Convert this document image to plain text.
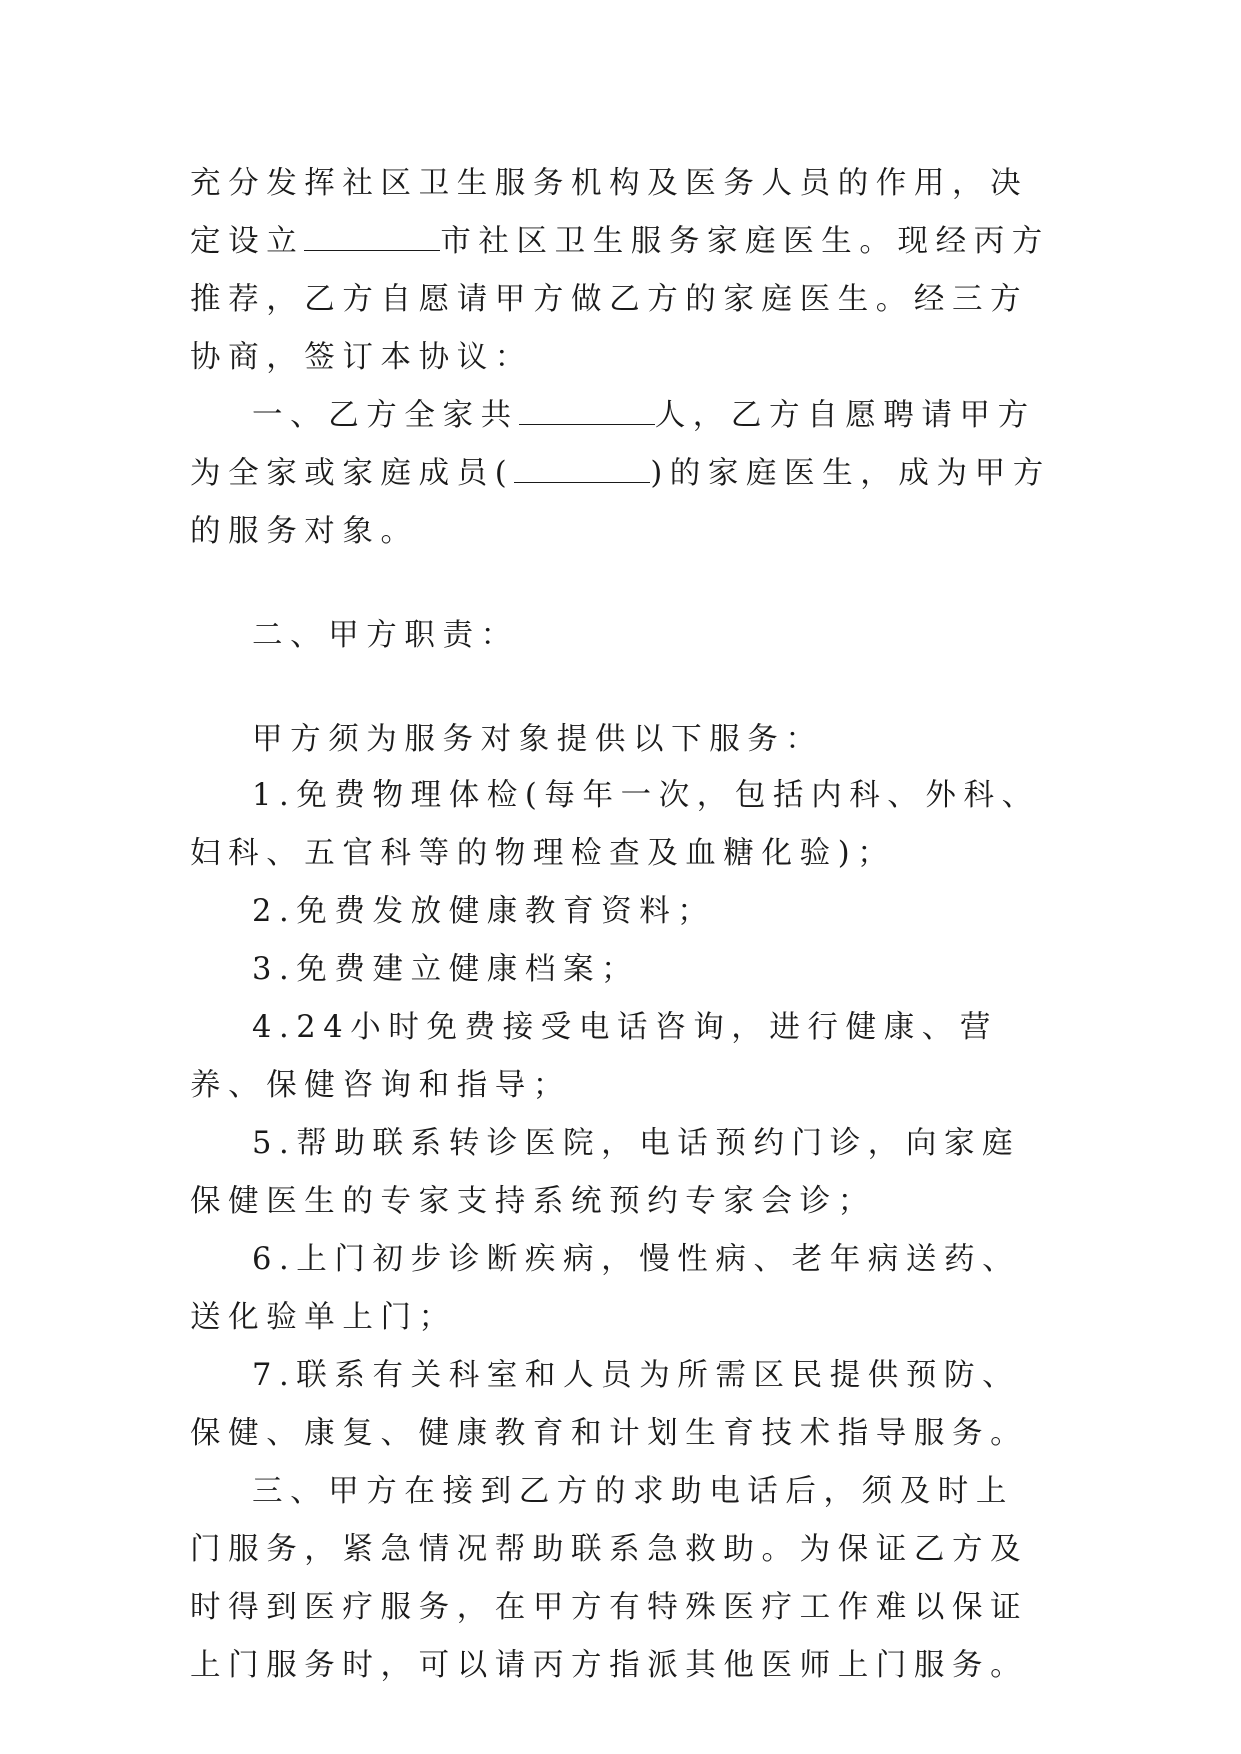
充分发挥社区卫生服务机构及医务人员的作用，决定设立	市社区卫生服务家庭医生。现经丙方推荐，乙方自愿请甲方做乙方的家庭医生。经三方协商，签订本协议：

一、乙方全家共	人，乙方自愿聘请甲方为全家或家庭成员(	)的家庭医生，成为甲方的服务对象。

二、甲方职责：

甲方须为服务对象提供以下服务：

1.免费物理体检(每年一次，包括内科、外科、妇科、五官科等的物理检查及血糖化验)；

2.免费发放健康教育资料；

3.免费建立健康档案；

4.24小时免费接受电话咨询，进行健康、营养、保健咨询和指导；

5.帮助联系转诊医院，电话预约门诊，向家庭保健医生的专家支持系统预约专家会诊；

6.上门初步诊断疾病，慢性病、老年病送药、送化验单上门；

7.联系有关科室和人员为所需区民提供预防、保健、康复、健康教育和计划生育技术指导服务。

三、甲方在接到乙方的求助电话后，须及时上门服务，紧急情况帮助联系急救助。为保证乙方及时得到医疗服务，在甲方有特殊医疗工作难以保证上门服务时，可以请丙方指派其他医师上门服务。
